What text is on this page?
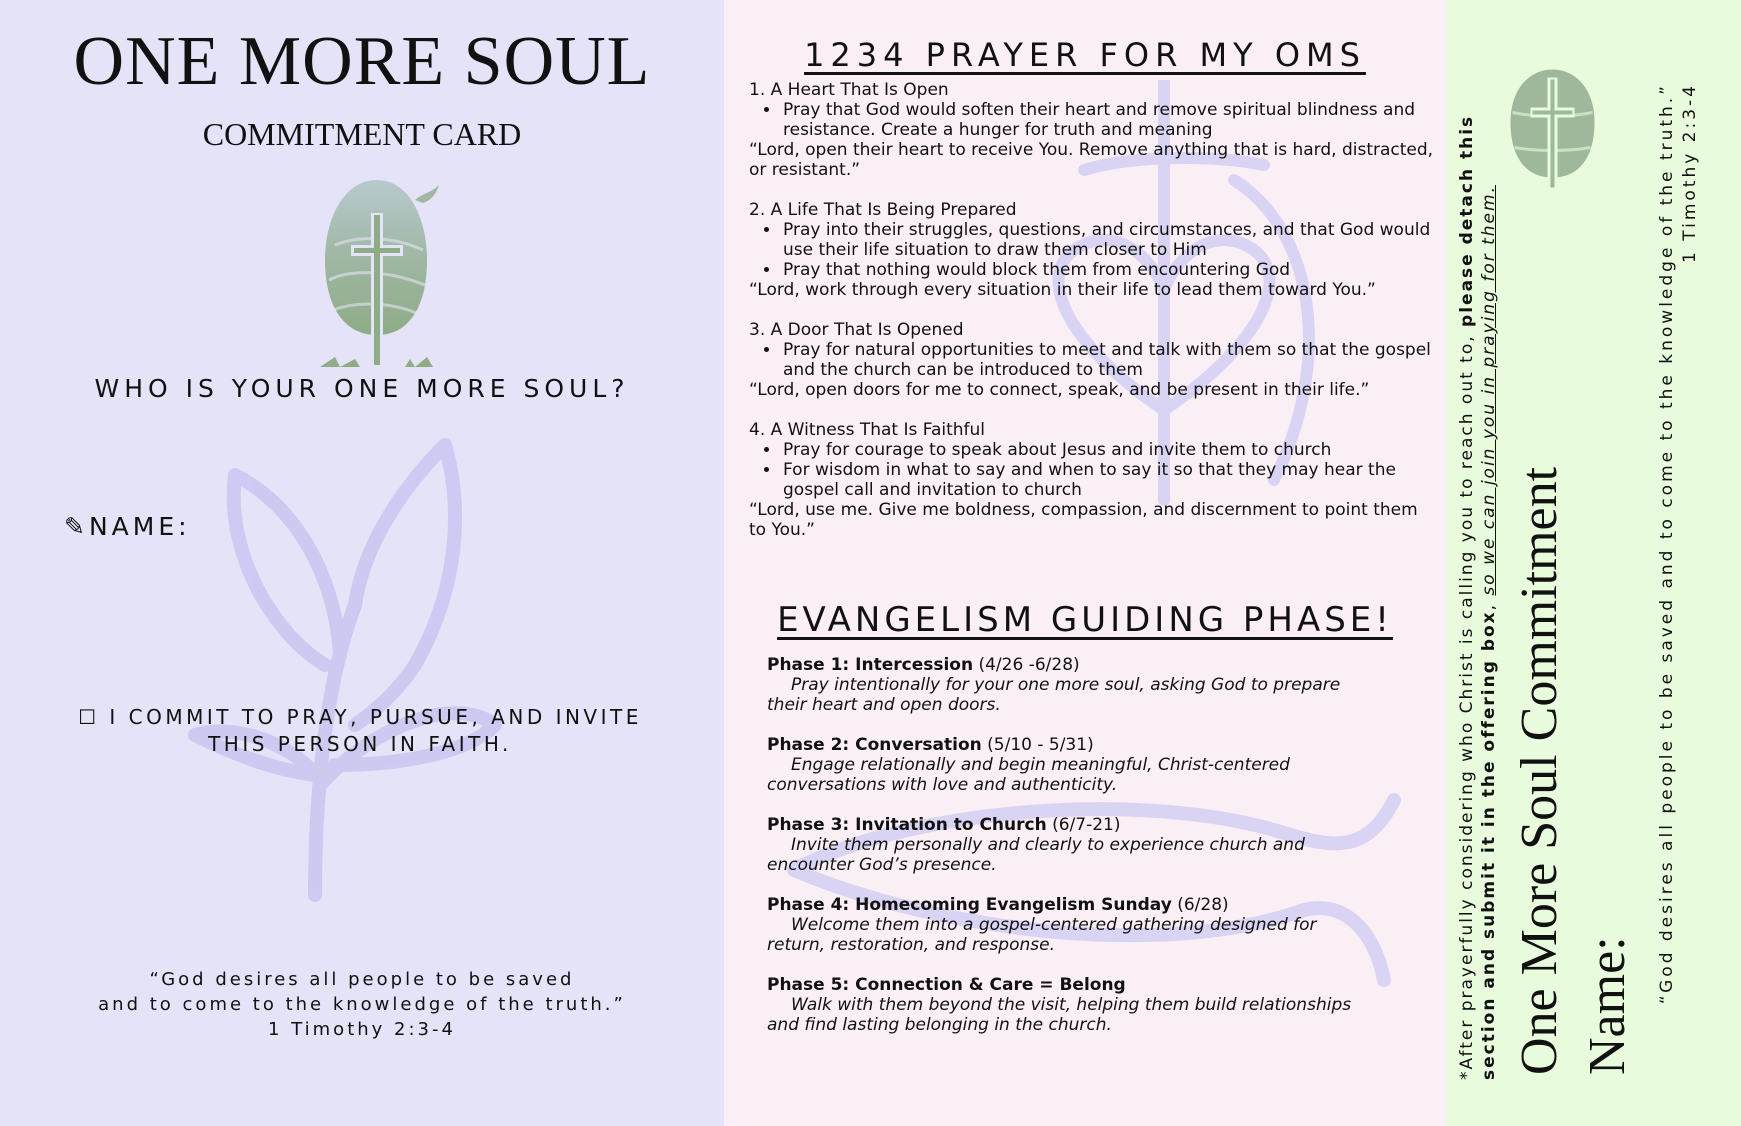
ONE MORE SOUL
COMMITMENT CARD
WHO IS YOUR ONE MORE SOUL?
✎NAME:
☐ I COMMIT TO PRAY, PURSUE, AND INVITE
THIS PERSON IN FAITH.
“God desires all people to be saved
and to come to the knowledge of the truth.”
1 Timothy 2:3-4
1234 PRAYER FOR MY OMS
1. A Heart That Is Open
• Pray that God would soften their heart and remove spiritual blindness and resistance. Create a hunger for truth and meaning
“Lord, open their heart to receive You. Remove anything that is hard, distracted, or resistant.”
2. A Life That Is Being Prepared
• Pray into their struggles, questions, and circumstances, and that God would use their life situation to draw them closer to Him
• Pray that nothing would block them from encountering God
“Lord, work through every situation in their life to lead them toward You.”
3. A Door That Is Opened
• Pray for natural opportunities to meet and talk with them so that the gospel and the church can be introduced to them
“Lord, open doors for me to connect, speak, and be present in their life.”
4. A Witness That Is Faithful
• Pray for courage to speak about Jesus and invite them to church
• For wisdom in what to say and when to say it so that they may hear the gospel call and invitation to church
“Lord, use me. Give me boldness, compassion, and discernment to point them to You.”
EVANGELISM GUIDING PHASE!
Phase 1: Intercession (4/26 -6/28)
Pray intentionally for your one more soul, asking God to prepare
their heart and open doors.
Phase 2: Conversation (5/10 - 5/31)
Engage relationally and begin meaningful, Christ-centered
conversations with love and authenticity.
Phase 3: Invitation to Church (6/7-21)
Invite them personally and clearly to experience church and
encounter God’s presence.
Phase 4: Homecoming Evangelism Sunday (6/28)
Welcome them into a gospel-centered gathering designed for
return, restoration, and response.
Phase 5: Connection & Care = Belong
Walk with them beyond the visit, helping them build relationships
and find lasting belonging in the church.	*After prayerfully considering who Christ is calling you to reach out to, please detach this
section and submit it in the offering box, so we can join you in praying for them.
One More Soul Commitment Name:
“God desires all people to be saved and to come to the knowledge of the truth.” 1 Timothy 2:3-4
